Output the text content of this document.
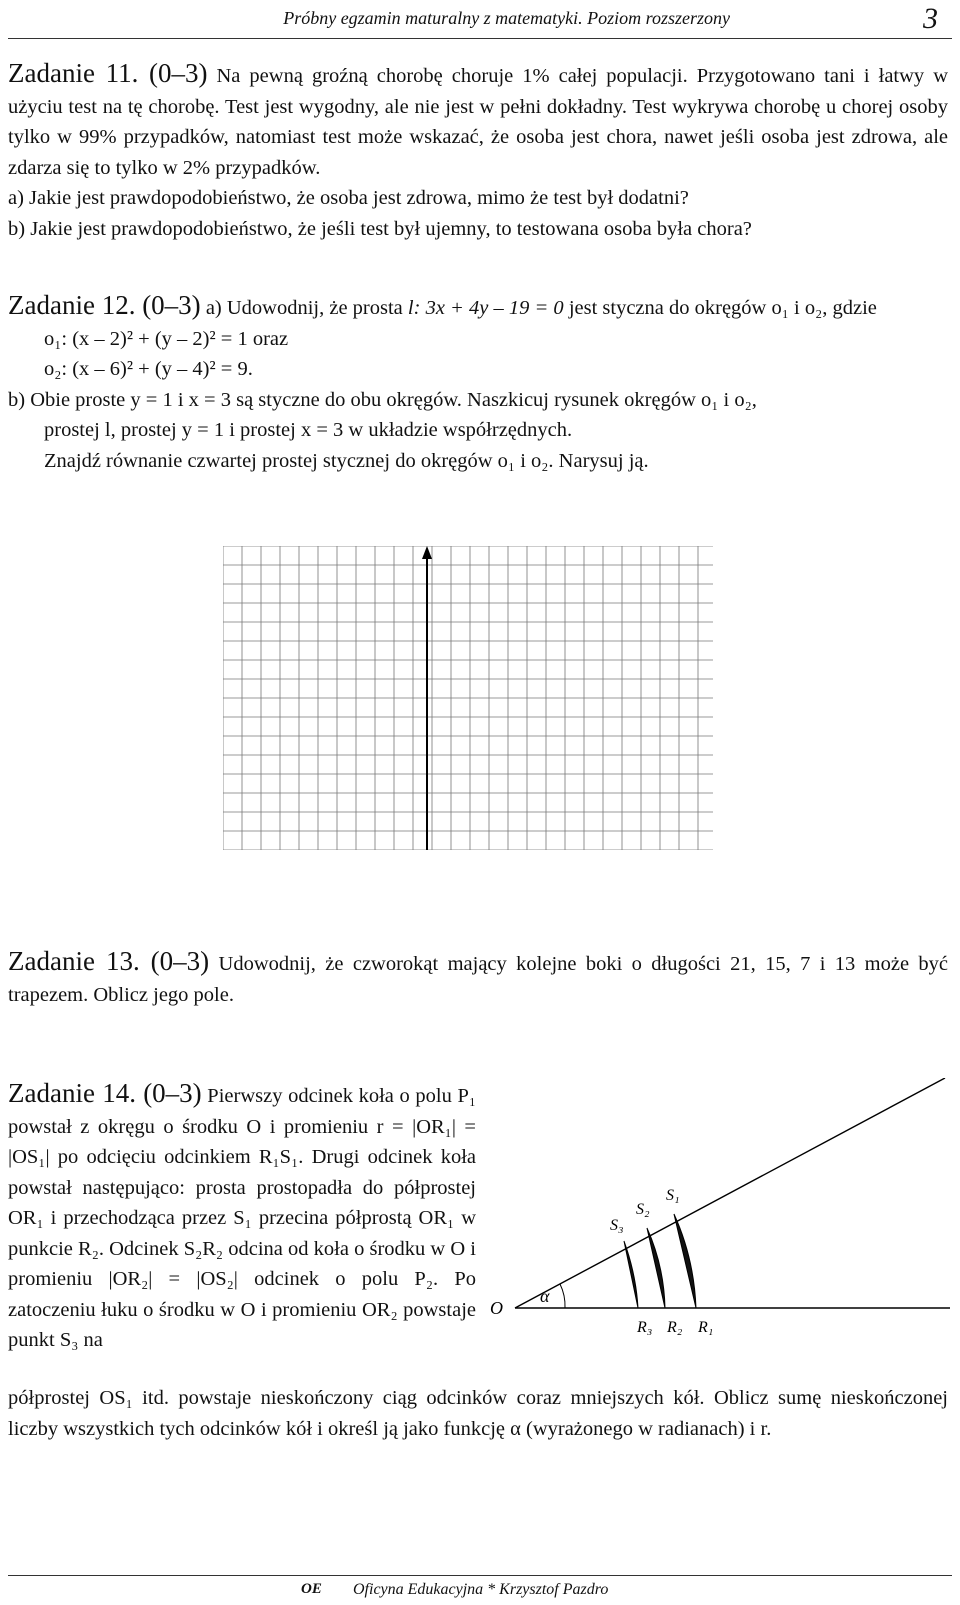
Próbny egzamin maturalny z matematyki. Poziom rozszerzony	3

Zadanie 11. (0–3) Na pewną groźną chorobę choruje 1% całej populacji. Przygotowano tani i łatwy w użyciu test na tę chorobę. Test jest wygodny, ale nie jest w pełni dokładny. Test wykrywa chorobę u chorej osoby tylko w 99% przypadków, natomiast test może wskazać, że osoba jest chora, nawet jeśli osoba jest zdrowa, ale zdarza się to tylko w 2% przypadków.

a) Jakie jest prawdopodobieństwo, że osoba jest zdrowa, mimo że test był dodatni?

b) Jakie jest prawdopodobieństwo, że jeśli test był ujemny, to testowana osoba była chora?

Zadanie 12. (0–3) a) Udowodnij, że prosta l: 3x + 4y – 19 = 0 jest styczna do okręgów o₁ i o₂, gdzie

o₁: (x – 2)² + (y – 2)² = 1 oraz

o₂: (x – 6)² + (y – 4)² = 9.

b) Obie proste y = 1 i x = 3 są styczne do obu okręgów. Naszkicuj rysunek okręgów o₁ i o₂,

prostej l, prostej y = 1 i prostej x = 3 w układzie współrzędnych.

Znajdź równanie czwartej prostej stycznej do okręgów o₁ i o₂. Narysuj ją.

Zadanie 13. (0–3) Udowodnij, że czworokąt mający kolejne boki o długości 21, 15, 7 i 13 może być trapezem. Oblicz jego pole.

Zadanie 14. (0–3) Pierwszy odcinek koła o polu P₁ powstał z okręgu o środku O i promieniu r = |OR₁| = |OS₁| po odcięciu odcinkiem R₁S₁. Drugi odcinek koła powstał następująco: prosta prostopadła do półprostej OR₁ i przechodząca przez S₁ przecina półprostą OR₁ w punkcie R₂. Odcinek S₂R₂ odcina od koła o środku w O i promieniu |OR₂| = |OS₂| odcinek o polu P₂. Po zatoczeniu łuku o środku w O i promieniu OR₂ powstaje punkt S₃ na

półprostej OS₁ itd. powstaje nieskończony ciąg odcinków coraz mniejszych kół. Oblicz sumę nieskończonej liczby wszystkich tych odcinków kół i określ ją jako funkcję α (wyrażonego w radianach) i r.

O
α
S₁
S₂
S₃
R₁
R₂
R₃
OE Oficyna Edukacyjna * Krzysztof Pazdro
